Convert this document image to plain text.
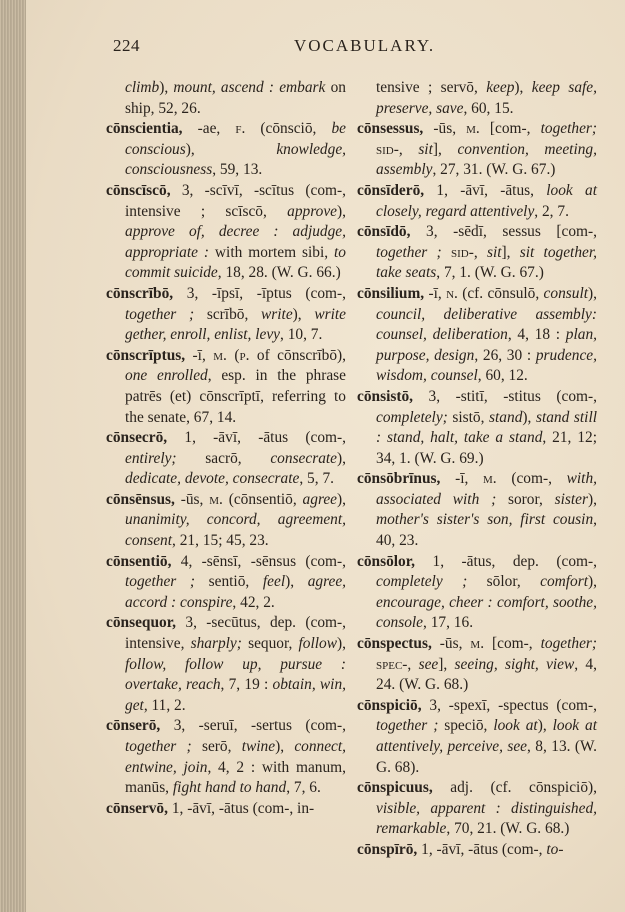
224	VOCABULARY.
climb), mount, ascend : embark on ship, 52, 26.
cōnscientia, -ae, f. (cōnsciō, be conscious), knowledge, consciousness, 59, 13.
cōnscīscō, 3, -scīvī, -scītus (com-, intensive ; scīscō, approve), approve of, decree : adjudge, appropriate : with mortem sibi, to commit suicide, 18, 28. (W. G. 66.)
cōnscrībō, 3, -īpsī, -īptus (com-, together ; scrībō, write), write gether, enroll, enlist, levy, 10, 7.
cōnscrīptus, -ī, m. (p. of cōnscrībō), one enrolled, esp. in the phrase patrēs (et) cōnscrīptī, referring to the senate, 67, 14.
cōnsecrō, 1, -āvī, -ātus (com-, entirely; sacrō, consecrate), dedicate, devote, consecrate, 5, 7.
cōnsēnsus, -ūs, m. (cōnsentiō, agree), unanimity, concord, agreement, consent, 21, 15; 45, 23.
cōnsentiō, 4, -sēnsī, -sēnsus (com-, together ; sentiō, feel), agree, accord : conspire, 42, 2.
cōnsequor, 3, -secūtus, dep. (com-, intensive, sharply; sequor, follow), follow, follow up, pursue : overtake, reach, 7, 19 : obtain, win, get, 11, 2.
cōnserō, 3, -seruī, -sertus (com-, together ; serō, twine), connect, entwine, join, 4, 2 : with manum, manūs, fight hand to hand, 7, 6.
cōnservō, 1, -āvī, -ātus (com-, in-
tensive ; servō, keep), keep safe, preserve, save, 60, 15.
cōnsessus, -ūs, m. [com-, together; sid-, sit], convention, meeting, assembly, 27, 31. (W. G. 67.)
cōnsīderō, 1, -āvī, -ātus, look at closely, regard attentively, 2, 7.
cōnsīdō, 3, -sēdī, sessus [com-, together ; sid-, sit], sit together, take seats, 7, 1. (W. G. 67.)
cōnsilium, -ī, n. (cf. cōnsulō, consult), council, deliberative assembly: counsel, deliberation, 4, 18 : plan, purpose, design, 26, 30 : prudence, wisdom, counsel, 60, 12.
cōnsistō, 3, -stitī, -stitus (com-, completely; sistō, stand), stand still : stand, halt, take a stand, 21, 12; 34, 1. (W. G. 69.)
cōnsōbrīnus, -ī, m. (com-, with, associated with ; soror, sister), mother's sister's son, first cousin, 40, 23.
cōnsōlor, 1, -ātus, dep. (com-, completely ; sōlor, comfort), encourage, cheer : comfort, soothe, console, 17, 16.
cōnspectus, -ūs, m. [com-, together; spec-, see], seeing, sight, view, 4, 24. (W. G. 68.)
cōnspiciō, 3, -spexī, -spectus (com-, together ; speciō, look at), look at attentively, perceive, see, 8, 13. (W. G. 68).
cōnspicuus, adj. (cf. cōnspiciō), visible, apparent : distinguished, remarkable, 70, 21. (W. G. 68.)
cōnspīrō, 1, -āvī, -ātus (com-, to-
